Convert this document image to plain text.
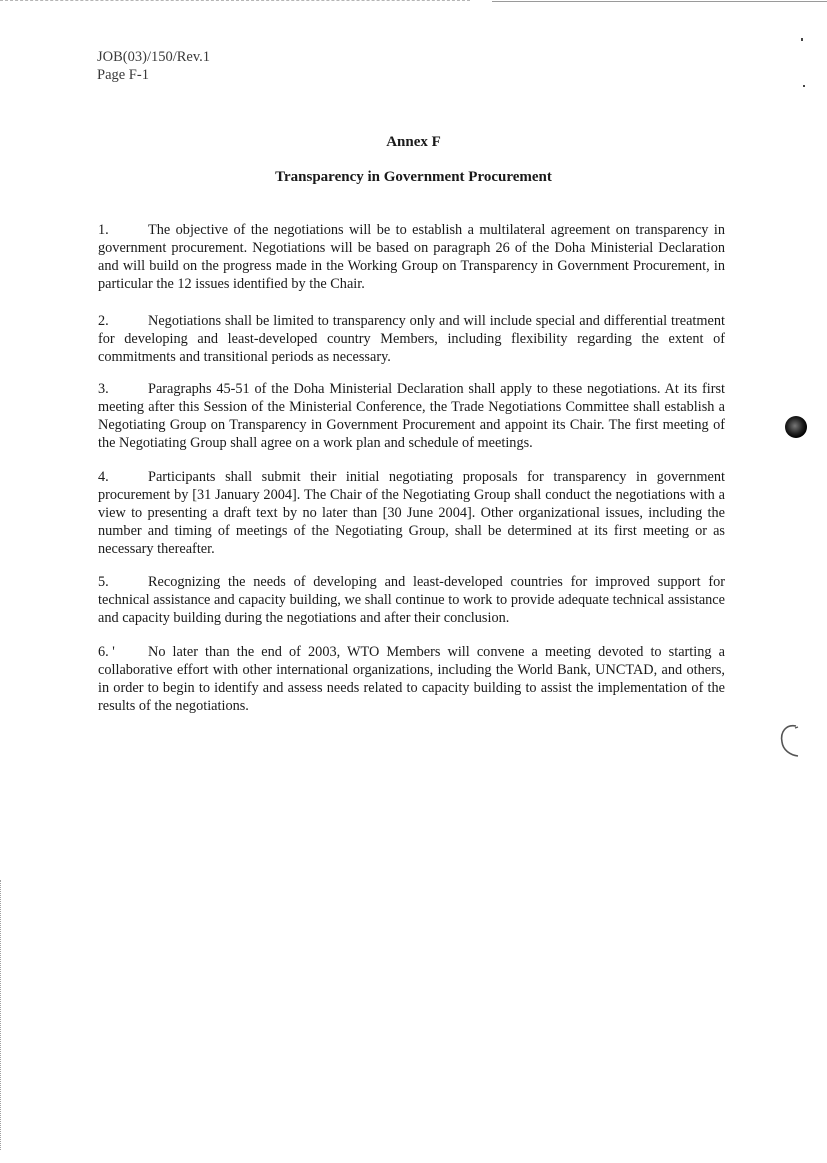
JOB(03)/150/Rev.1
Page F-1
Annex F
Transparency in Government Procurement
1.	The objective of the negotiations will be to establish a multilateral agreement on transparency in government procurement. Negotiations will be based on paragraph 26 of the Doha Ministerial Declaration and will build on the progress made in the Working Group on Transparency in Government Procurement, in particular the 12 issues identified by the Chair.
2.	Negotiations shall be limited to transparency only and will include special and differential treatment for developing and least-developed country Members, including flexibility regarding the extent of commitments and transitional periods as necessary.
3.	Paragraphs 45-51 of the Doha Ministerial Declaration shall apply to these negotiations. At its first meeting after this Session of the Ministerial Conference, the Trade Negotiations Committee shall establish a Negotiating Group on Transparency in Government Procurement and appoint its Chair. The first meeting of the Negotiating Group shall agree on a work plan and schedule of meetings.
4.	Participants shall submit their initial negotiating proposals for transparency in government procurement by [31 January 2004]. The Chair of the Negotiating Group shall conduct the negotiations with a view to presenting a draft text by no later than [30 June 2004]. Other organizational issues, including the number and timing of meetings of the Negotiating Group, shall be determined at its first meeting or as necessary thereafter.
5.	Recognizing the needs of developing and least-developed countries for improved support for technical assistance and capacity building, we shall continue to work to provide adequate technical assistance and capacity building during the negotiations and after their conclusion.
6. ' No later than the end of 2003, WTO Members will convene a meeting devoted to starting a collaborative effort with other international organizations, including the World Bank, UNCTAD, and others, in order to begin to identify and assess needs related to capacity building to assist the implementation of the results of the negotiations.
